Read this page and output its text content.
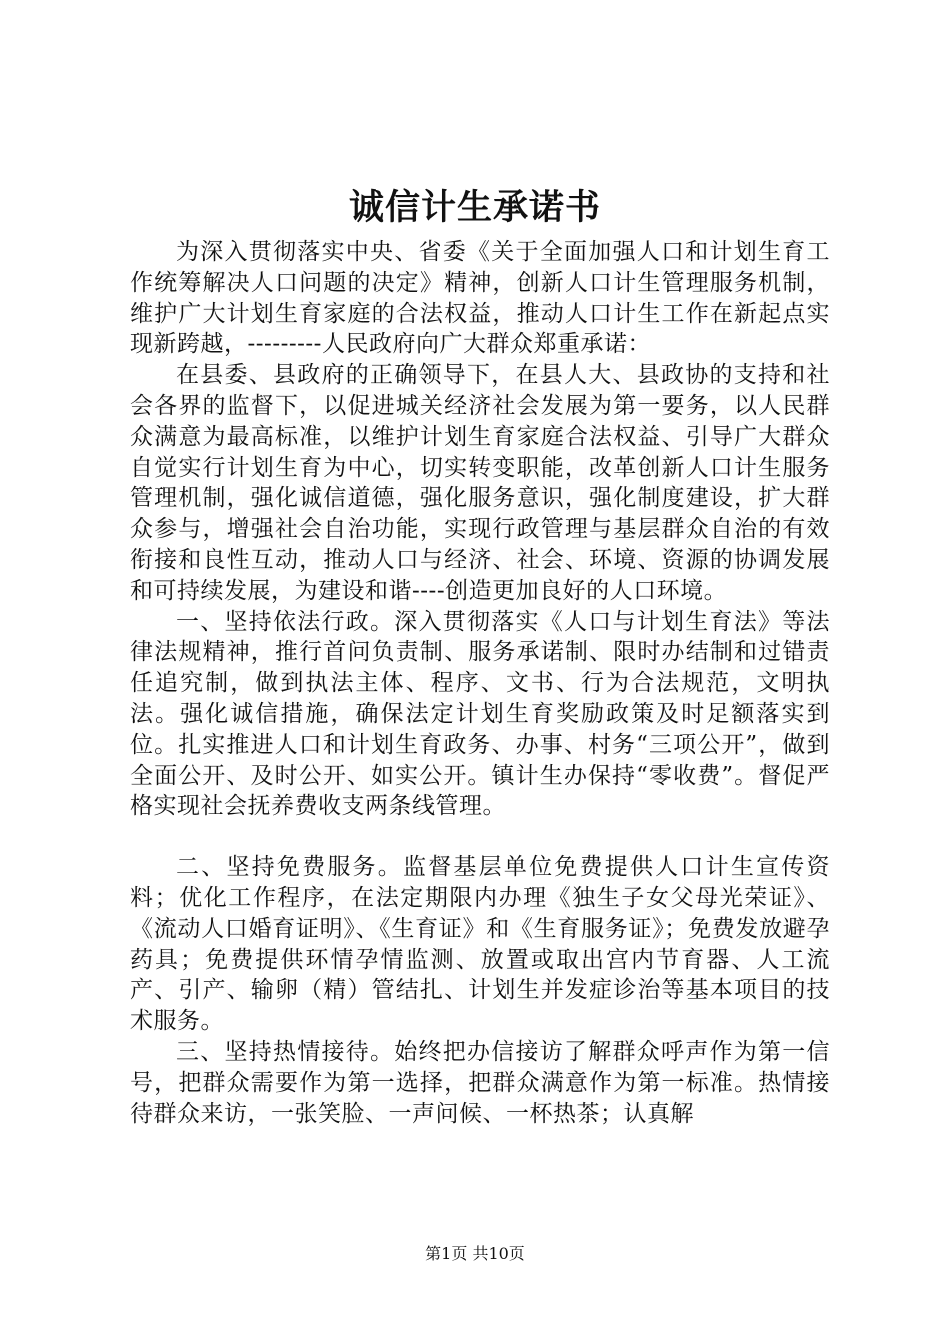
诚信计生承诺书

为深入贯彻落实中央、省委《关于全面加强人口和计划生育工作统筹解决人口问题的决定》精神，创新人口计生管理服务机制，维护广大计划生育家庭的合法权益，推动人口计生工作在新起点实现新跨越，---------人民政府向广大群众郑重承诺：

在县委、县政府的正确领导下，在县人大、县政协的支持和社会各界的监督下，以促进城关经济社会发展为第一要务，以人民群众满意为最高标准，以维护计划生育家庭合法权益、引导广大群众自觉实行计划生育为中心，切实转变职能，改革创新人口计生服务管理机制，强化诚信道德，强化服务意识，强化制度建设，扩大群众参与，增强社会自治功能，实现行政管理与基层群众自治的有效衔接和良性互动，推动人口与经济、社会、环境、资源的协调发展和可持续发展，为建设和谐----创造更加良好的人口环境。

一、坚持依法行政。深入贯彻落实《人口与计划生育法》等法律法规精神，推行首问负责制、服务承诺制、限时办结制和过错责任追究制，做到执法主体、程序、文书、行为合法规范，文明执法。强化诚信措施，确保法定计划生育奖励政策及时足额落实到位。扎实推进人口和计划生育政务、办事、村务“三项公开”，做到全面公开、及时公开、如实公开。镇计生办保持“零收费”。督促严格实现社会抚养费收支两条线管理。

二、坚持免费服务。监督基层单位免费提供人口计生宣传资料；优化工作程序，在法定期限内办理《独生子女父母光荣证》、《流动人口婚育证明》、《生育证》和《生育服务证》；免费发放避孕药具；免费提供环情孕情监测、放置或取出宫内节育器、人工流产、引产、输卵（精）管结扎、计划生并发症诊治等基本项目的技术服务。

三、坚持热情接待。始终把办信接访了解群众呼声作为第一信号，把群众需要作为第一选择，把群众满意作为第一标准。热情接待群众来访，一张笑脸、一声问候、一杯热茶；认真解

第1页 共10页
